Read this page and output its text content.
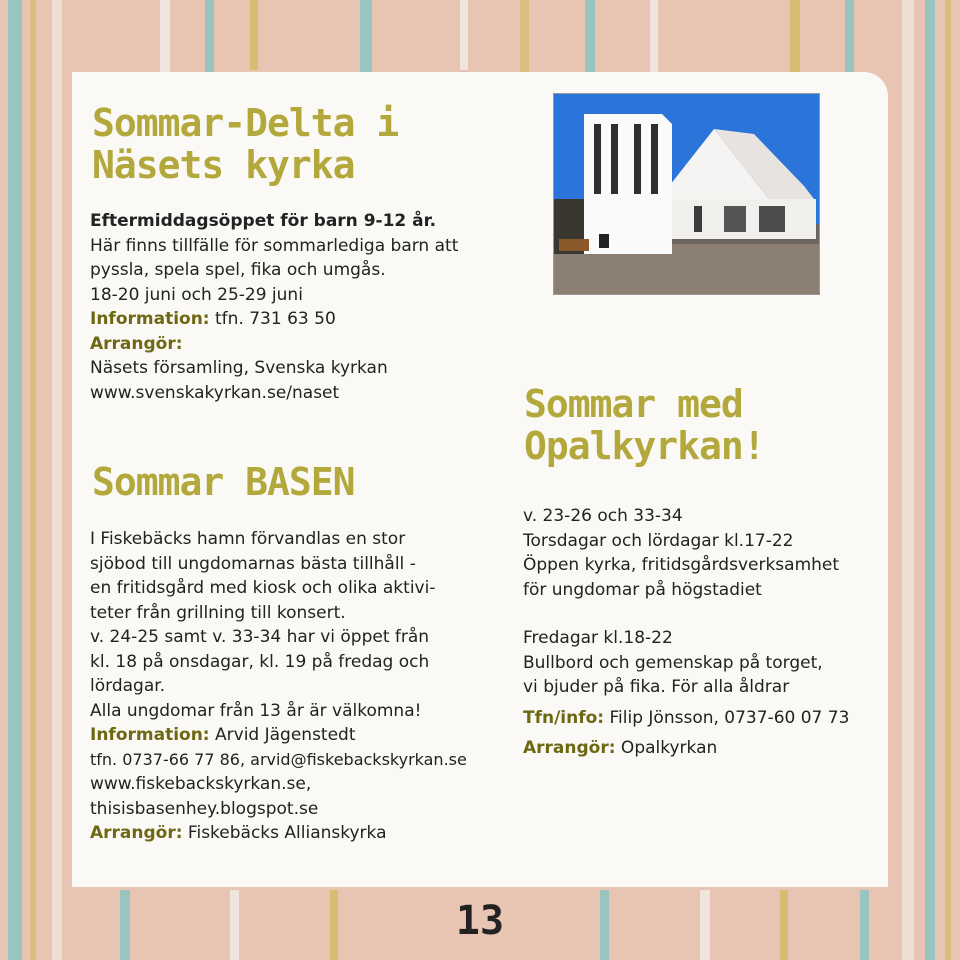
Sommar-Delta i Näsets kyrka

Eftermiddagsöppet för barn 9-12 år.

Här finns tillfälle för sommarlediga barn att

pyssla, spela spel, fika och umgås.

18-20 juni och 25-29 juni

Information: tfn. 731 63 50

Arrangör:

Näsets församling, Svenska kyrkan

www.svenskakyrkan.se/naset

Sommar BASEN

I Fiskebäcks hamn förvandlas en stor

sjöbod till ungdomarnas bästa tillhåll -

en fritidsgård med kiosk och olika aktivi-

teter från grillning till konsert.

v. 24-25 samt v. 33-34 har vi öppet från

kl. 18 på onsdagar, kl. 19 på fredag och

lördagar.

Alla ungdomar från 13 år är välkomna!

Information: Arvid Jägenstedt

tfn. 0737-66 77 86, arvid@fiskebackskyrkan.se

www.fiskebackskyrkan.se,

thisisbasenhey.blogspot.se

Arrangör: Fiskebäcks Allianskyrka

Sommar med Opalkyrkan!

v. 23-26 och 33-34

Torsdagar och lördagar kl.17-22

Öppen kyrka, fritidsgårdsverksamhet

för ungdomar på högstadiet

Fredagar kl.18-22

Bullbord och gemenskap på torget,

vi bjuder på fika. För alla åldrar

Tfn/info: Filip Jönsson, 0737-60 07 73

Arrangör: Opalkyrkan

13
